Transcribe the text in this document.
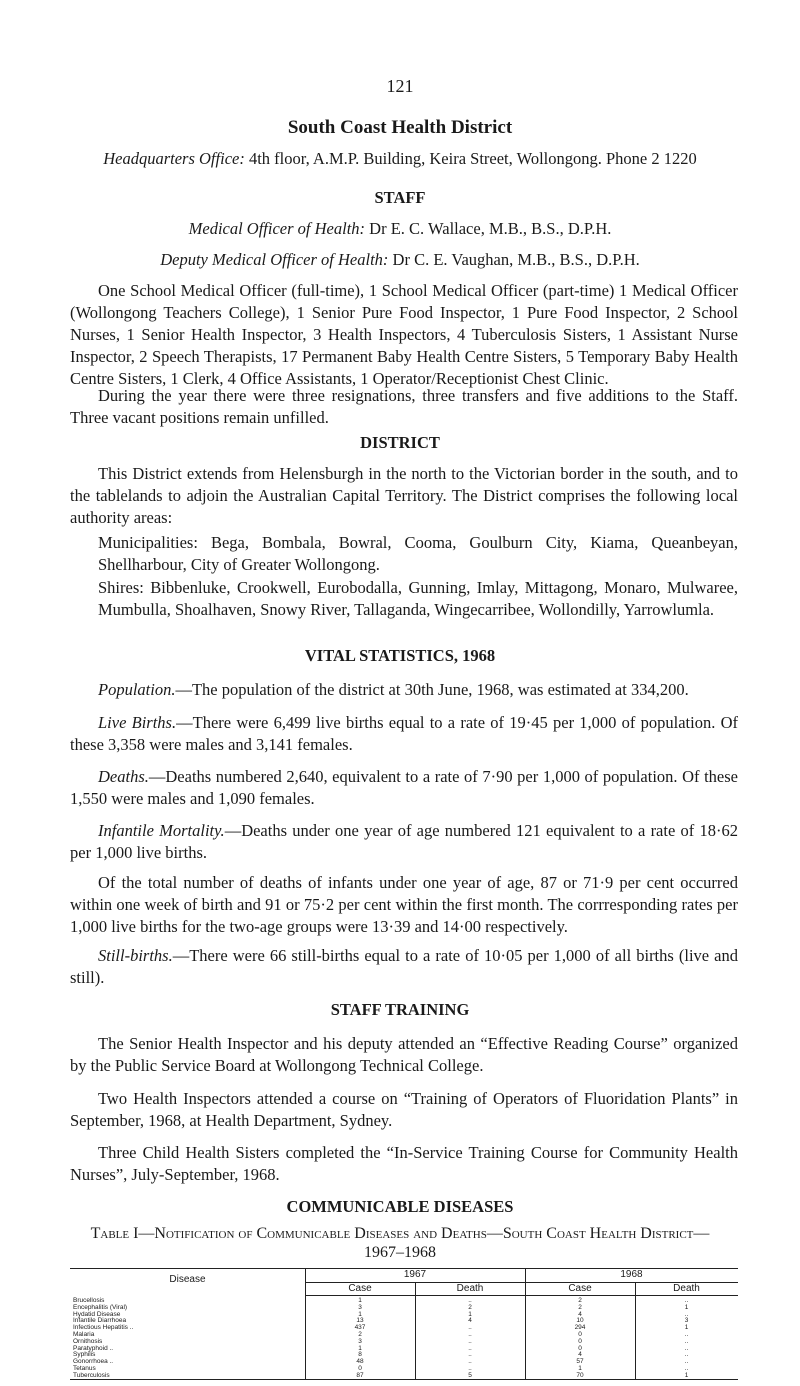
121
South Coast Health District
Headquarters Office: 4th floor, A.M.P. Building, Keira Street, Wollongong. Phone 2 1220
STAFF
Medical Officer of Health: Dr E. C. Wallace, M.B., B.S., D.P.H.
Deputy Medical Officer of Health: Dr C. E. Vaughan, M.B., B.S., D.P.H.
One School Medical Officer (full-time), 1 School Medical Officer (part-time) 1 Medical Officer (Wollongong Teachers College), 1 Senior Pure Food Inspector, 1 Pure Food Inspector, 2 School Nurses, 1 Senior Health Inspector, 3 Health Inspectors, 4 Tuberculosis Sisters, 1 Assistant Nurse Inspector, 2 Speech Therapists, 17 Permanent Baby Health Centre Sisters, 5 Temporary Baby Health Centre Sisters, 1 Clerk, 4 Office Assistants, 1 Operator/Receptionist Chest Clinic.
During the year there were three resignations, three transfers and five additions to the Staff. Three vacant positions remain unfilled.
DISTRICT
This District extends from Helensburgh in the north to the Victorian border in the south, and to the tablelands to adjoin the Australian Capital Territory. The District comprises the following local authority areas:
Municipalities: Bega, Bombala, Bowral, Cooma, Goulburn City, Kiama, Queanbeyan, Shellharbour, City of Greater Wollongong.
Shires: Bibbenluke, Crookwell, Eurobodalla, Gunning, Imlay, Mittagong, Monaro, Mulwaree, Mumbulla, Shoalhaven, Snowy River, Tallaganda, Wingecarribee, Wollondilly, Yarrowlumla.
VITAL STATISTICS, 1968
Population.—The population of the district at 30th June, 1968, was estimated at 334,200.
Live Births.—There were 6,499 live births equal to a rate of 19·45 per 1,000 of population. Of these 3,358 were males and 3,141 females.
Deaths.—Deaths numbered 2,640, equivalent to a rate of 7·90 per 1,000 of population. Of these 1,550 were males and 1,090 females.
Infantile Mortality.—Deaths under one year of age numbered 121 equivalent to a rate of 18·62 per 1,000 live births.
Of the total number of deaths of infants under one year of age, 87 or 71·9 per cent occurred within one week of birth and 91 or 75·2 per cent within the first month. The corrresponding rates per 1,000 live births for the two-age groups were 13·39 and 14·00 respectively.
Still-births.—There were 66 still-births equal to a rate of 10·05 per 1,000 of all births (live and still).
STAFF TRAINING
The Senior Health Inspector and his deputy attended an “Effective Reading Course” organized by the Public Service Board at Wollongong Technical College.
Two Health Inspectors attended a course on “Training of Operators of Fluoridation Plants” in September, 1968, at Health Department, Sydney.
Three Child Health Sisters completed the “In-Service Training Course for Community Health Nurses”, July-September, 1968.
COMMUNICABLE DISEASES
Table I—Notification of Communicable Diseases and Deaths—South Coast Health District—
1967–1968
Disease	1967	1968
Case	Death	Case	Death
Brucellosis	1	..	2	..
Encephalitis (Viral)	3	2	2	1
Hydatid Disease	1	1	4	..
Infantile Diarrhoea	13	4	10	3
Infectious Hepatitis ..	437	..	294	1
Malaria	2	..	0	..
Ornithosis	3	..	0	..
Paratyphoid ..	1	..	0	..
Syphilis	8	..	4	..
Gonorrhoea ..	48	..	57	..
Tetanus	0	..	1	..
Tuberculosis	87	5	70	1
